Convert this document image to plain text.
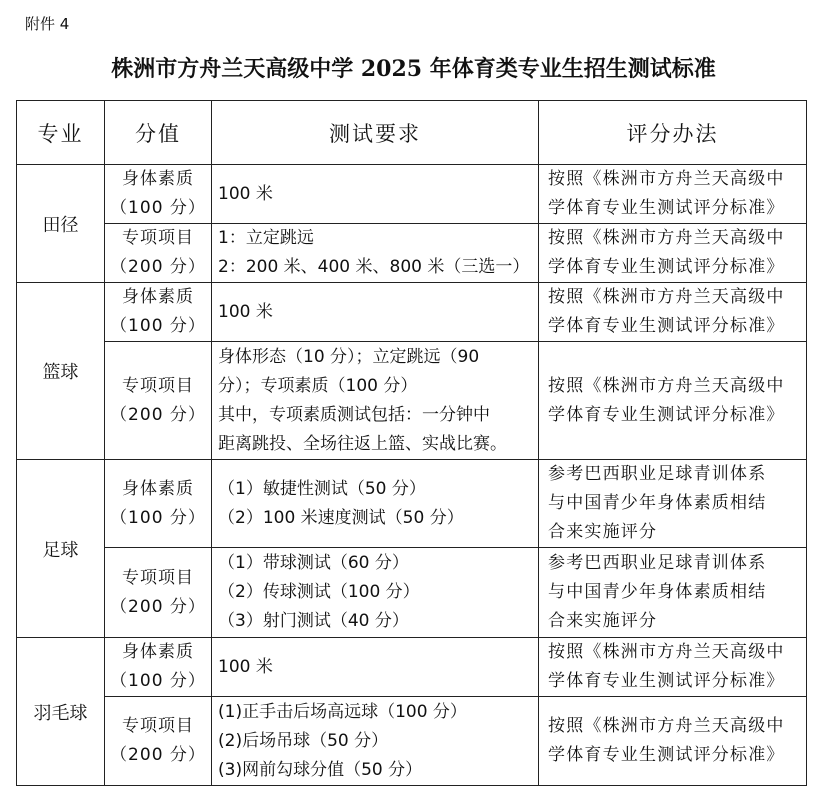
附件 4
株洲市方舟兰天高级中学 2025 年体育类专业生招生测试标准
专业	分值	测试要求	评分办法
田径	身体素质
（100 分）	100 米	按照《株洲市方舟兰天高级中
学体育专业生测试评分标准》

	专项项目
（200 分）	1：立定跳远
2：200 米、400 米、800 米（三选一）	按照《株洲市方舟兰天高级中
学体育专业生测试评分标准》

篮球	身体素质
（100 分）	100 米	按照《株洲市方舟兰天高级中
学体育专业生测试评分标准》

	专项项目
（200 分）	身体形态（10 分）；立定跳远（90
分）；专项素质（100 分）
其中，专项素质测试包括：一分钟中
距离跳投、全场往返上篮、实战比赛。	按照《株洲市方舟兰天高级中
学体育专业生测试评分标准》

足球	身体素质
（100 分）	（1）敏捷性测试（50 分）
（2）100 米速度测试（50 分）	参考巴西职业足球青训体系
与中国青少年身体素质相结
合来实施评分

	专项项目
（200 分）	（1）带球测试（60 分）
（2）传球测试（100 分）
（3）射门测试（40 分）	参考巴西职业足球青训体系
与中国青少年身体素质相结
合来实施评分

羽毛球	身体素质
（100 分）	100 米	按照《株洲市方舟兰天高级中
学体育专业生测试评分标准》

	专项项目
（200 分）	(1)正手击后场高远球（100 分）
(2)后场吊球（50 分）
(3)网前勾球分值（50 分）	按照《株洲市方舟兰天高级中
学体育专业生测试评分标准》
